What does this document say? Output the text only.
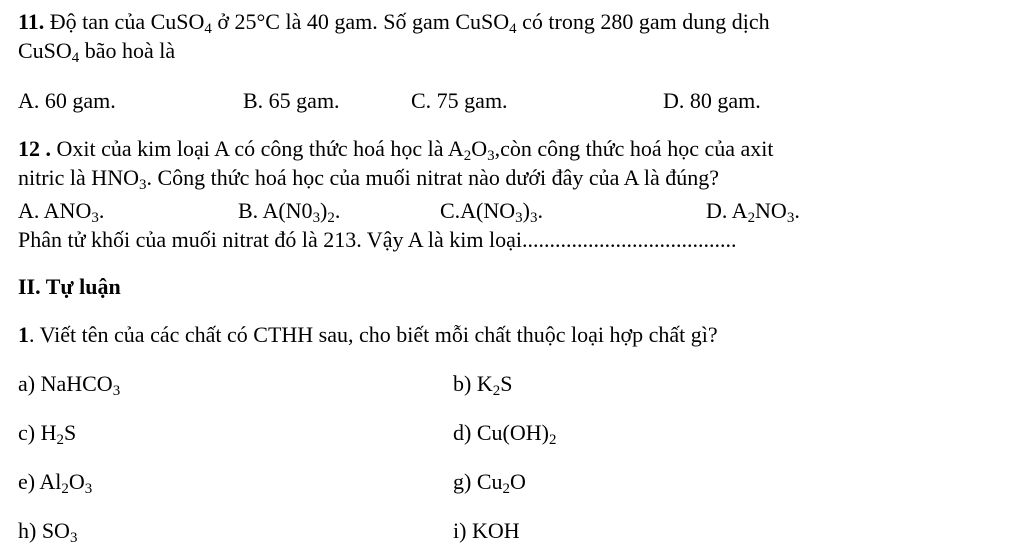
11. Độ tan của CuSO$_4$ ở 25°C là 40 gam. Số gam CuSO$_4$ có trong 280 gam dung dịch
CuSO$_4$ bão hoà là
A. 60 gam.	B. 65 gam.	C. 75 gam.	D. 80 gam.
12 . Oxit của kim loại A có công thức hoá học là $A_2O_3,còn$ công thức hoá học của axit
nitric là $HNO_3$. Công thức hoá học của muối nitrat nào dưới đây của A là đúng?
A. $ANO_3$.	B. $A(N0_3)_2$.	$C.A(NO_3)_3$.	D. $A_2NO_3$.
Phân tử khối của muối nitrat đó là 213. Vậy A là kim loại.......................................
II. Tự luận
1. Viết tên của các chất có CTHH sau, cho biết mỗi chất thuộc loại hợp chất gì?
a) NaHCO$_3$	b) $K_2S$
c) $H_2S$	d) $Cu(OH)_2$
e) $Al_2O_3$	g) $Cu_2O$
h) $SO_3$	i) KOH
